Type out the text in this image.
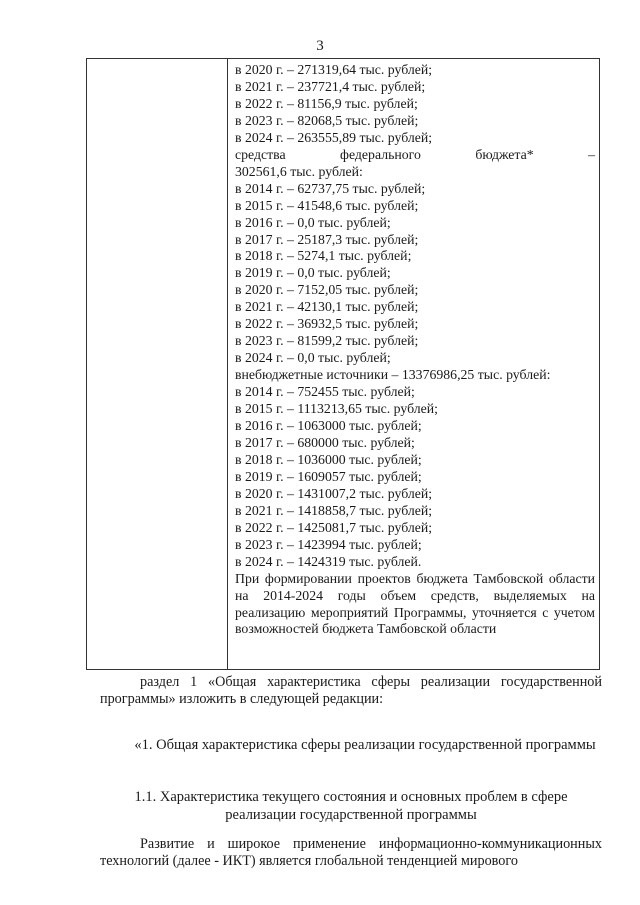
3
в 2020 г. – 271319,64 тыс. рублей;
в 2021 г. – 237721,4 тыс. рублей;
в 2022 г. – 81156,9 тыс. рублей;
в 2023 г. – 82068,5 тыс. рублей;
в 2024 г. – 263555,89 тыс. рублей;
средства	федерального	бюджета*	–
302561,6 тыс. рублей:
в 2014 г. – 62737,75 тыс. рублей;
в 2015 г. – 41548,6 тыс. рублей;
в 2016 г. – 0,0 тыс. рублей;
в 2017 г. – 25187,3 тыс. рублей;
в 2018 г. – 5274,1 тыс. рублей;
в 2019 г. – 0,0 тыс. рублей;
в 2020 г. – 7152,05 тыс. рублей;
в 2021 г. – 42130,1 тыс. рублей;
в 2022 г. – 36932,5 тыс. рублей;
в 2023 г. – 81599,2 тыс. рублей;
в 2024 г. – 0,0 тыс. рублей;
внебюджетные источники – 13376986,25 тыс. рублей:
в 2014 г. – 752455 тыс. рублей;
в 2015 г. – 1113213,65 тыс. рублей;
в 2016 г. – 1063000 тыс. рублей;
в 2017 г. – 680000 тыс. рублей;
в 2018 г. – 1036000 тыс. рублей;
в 2019 г. – 1609057 тыс. рублей;
в 2020 г. – 1431007,2 тыс. рублей;
в 2021 г. – 1418858,7 тыс. рублей;
в 2022 г. – 1425081,7 тыс. рублей;
в 2023 г. – 1423994 тыс. рублей;
в 2024 г. – 1424319 тыс. рублей.
При формировании проектов бюджета Тамбовской области на 2014-2024 годы объем средств, выделяемых на реализацию мероприятий Программы, уточняется с учетом возможностей бюджета Тамбовской области

раздел 1 «Общая характеристика сферы реализации государственной программы» изложить в следующей редакции:

«1. Общая характеристика сферы реализации государственной программы
1.1. Характеристика текущего состояния и основных проблем в сфере реализации государственной программы
Развитие и широкое применение информационно-коммуникационных технологий (далее - ИКТ) является глобальной тенденцией мирового
